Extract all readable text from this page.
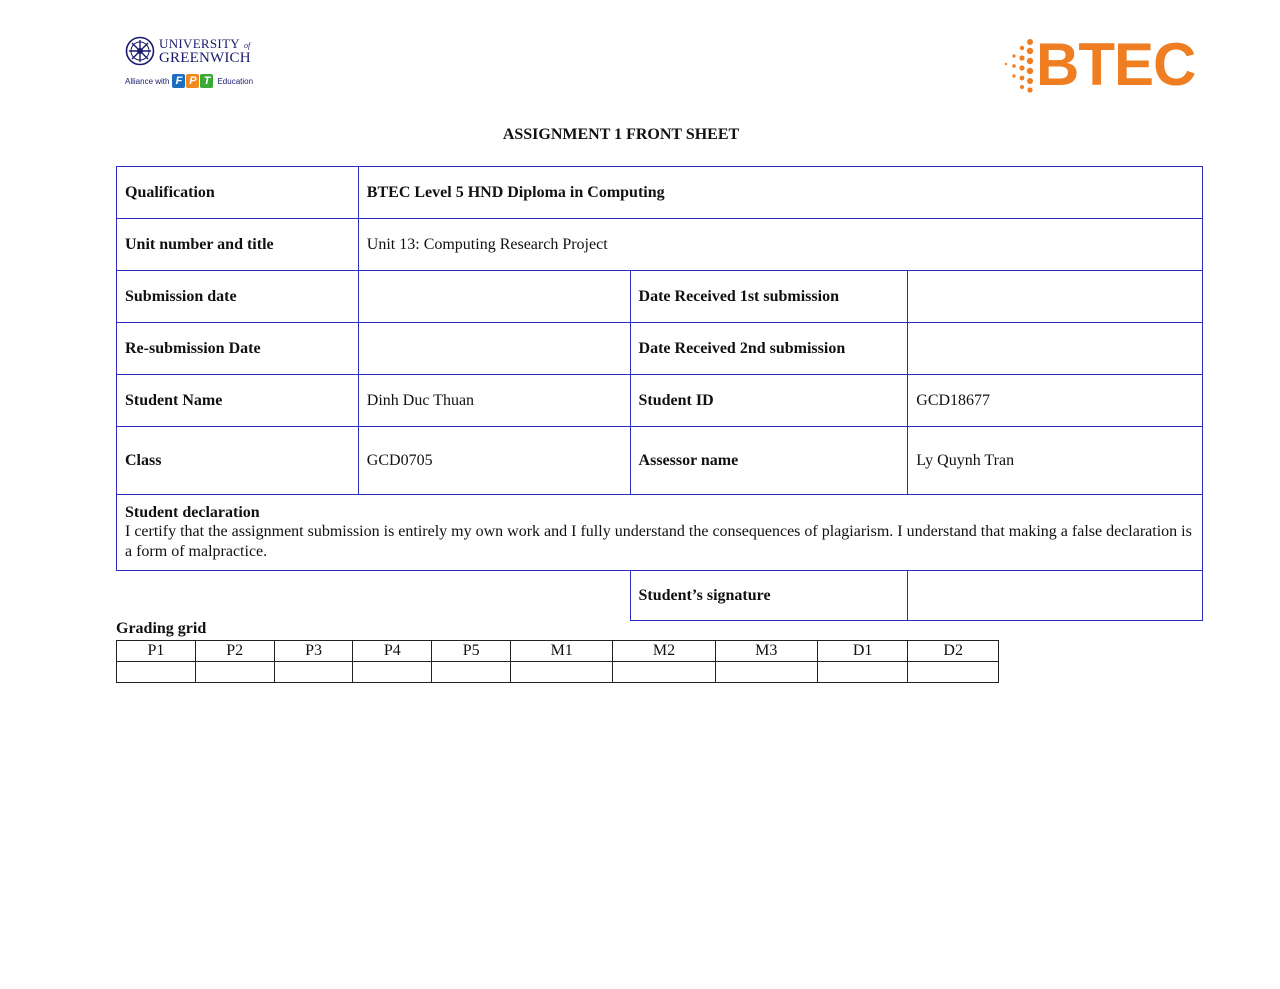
UNIVERSITY of
GREENWICH
Alliance with F P T Education	BTEC
ASSIGNMENT 1 FRONT SHEET
Qualification	BTEC Level 5 HND Diploma in Computing		
Unit number and title	Unit 13: Computing Research Project		
Submission date		Date Received 1st submission	
Re-submission Date		Date Received 2nd submission	
Student Name	Dinh Duc Thuan	Student ID	GCD18677
Class	GCD0705	Assessor name	Ly Quynh Tran

Student declaration
I certify that the assignment submission is entirely my own work and I fully understand the consequences of plagiarism. I understand that making a false declaration is a form of malpractice.			

		Student’s signature	
Grading grid
P1	P2	P3	P4	P5	M1	M2	M3	D1	D2
